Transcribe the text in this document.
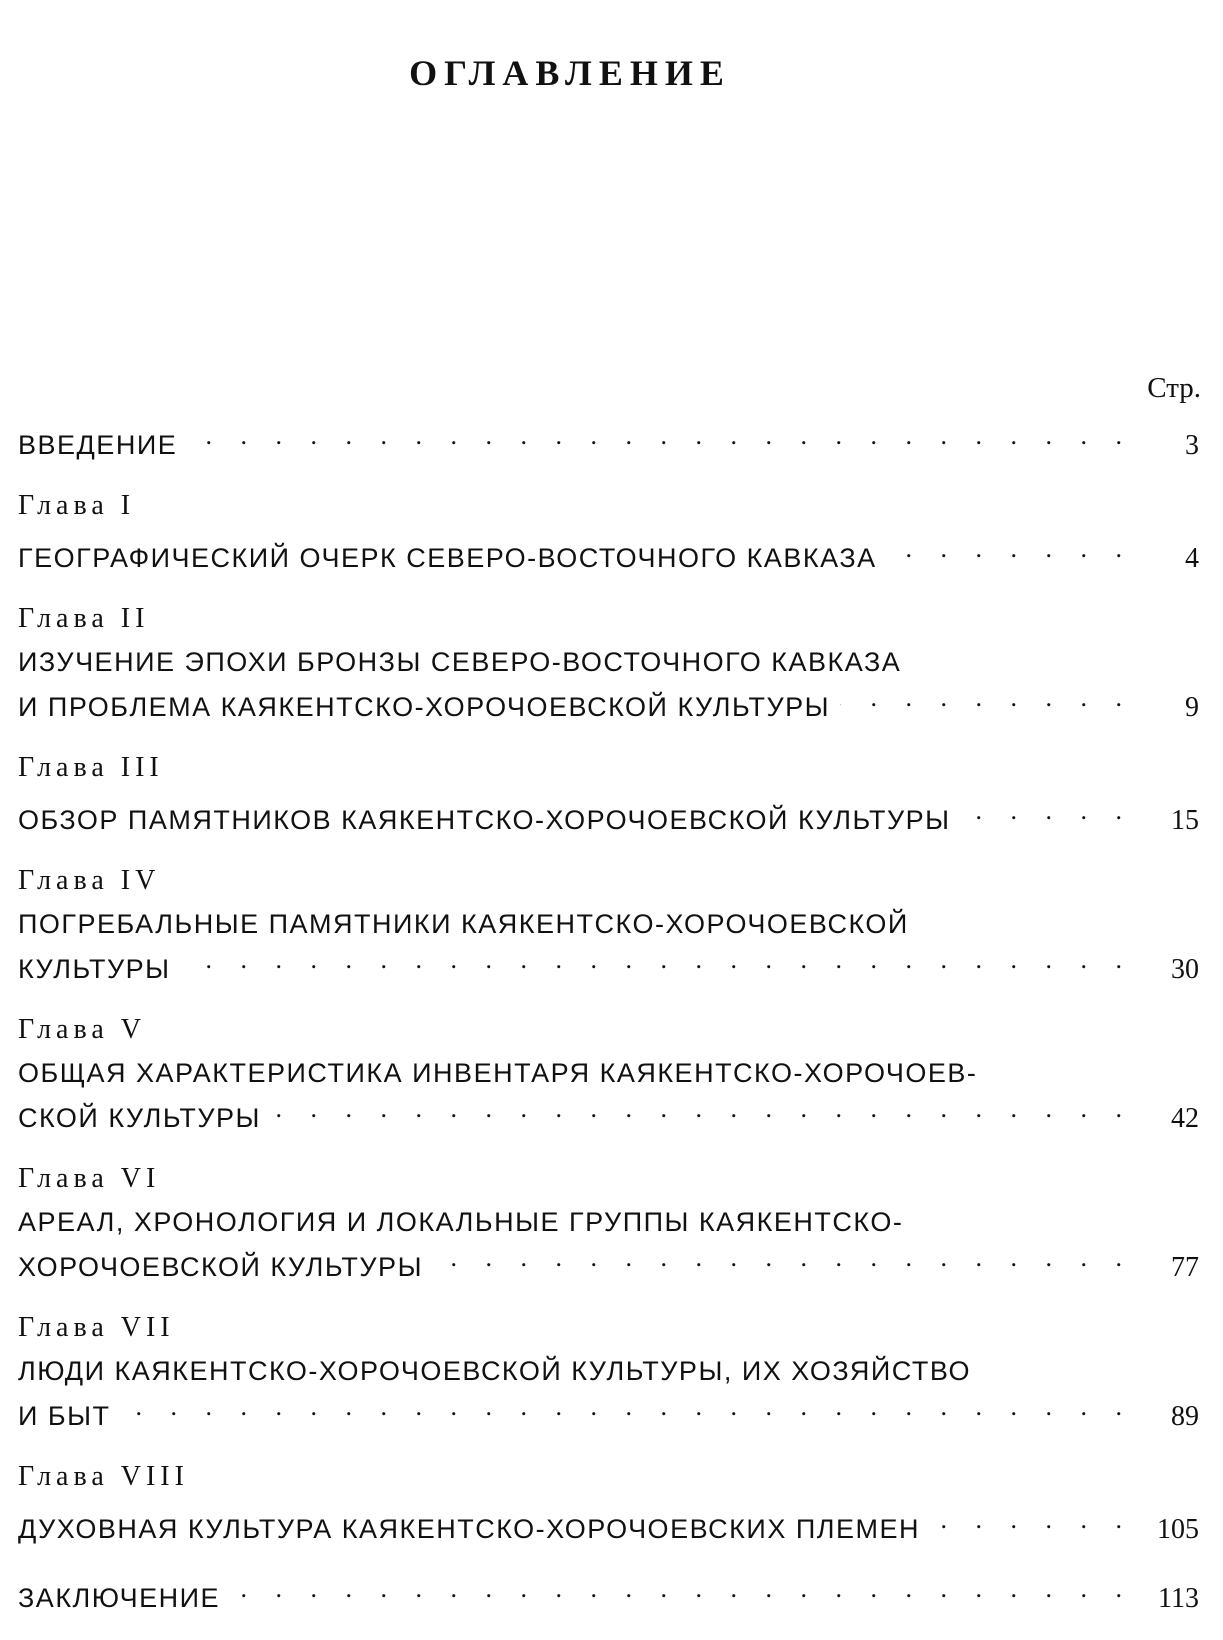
ОГЛАВЛЕНИЕ
Стр.
ВВЕДЕНИЕ . . .	3
Глава I
ГЕОГРАФИЧЕСКИЙ ОЧЕРК СЕВЕРО-ВОСТОЧНОГО КАВКАЗА . . .	4
Глава II
ИЗУЧЕНИЕ ЭПОХИ БРОНЗЫ СЕВЕРО-ВОСТОЧНОГО КАВКАЗА
И ПРОБЛЕМА КАЯКЕНТСКО-ХОРОЧОЕВСКОЙ КУЛЬТУРЫ . . .	9
Глава III
ОБЗОР ПАМЯТНИКОВ КАЯКЕНТСКО-ХОРОЧОЕВСКОЙ КУЛЬТУРЫ . . .	15
Глава IV
ПОГРЕБАЛЬНЫЕ ПАМЯТНИКИ КАЯКЕНТСКО-ХОРОЧОЕВСКОЙ
КУЛЬТУРЫ . . .	30
Глава V
ОБЩАЯ ХАРАКТЕРИСТИКА ИНВЕНТАРЯ КАЯКЕНТСКО-ХОРОЧОЕВ-
СКОЙ КУЛЬТУРЫ . . .	42
Глава VI
АРЕАЛ, ХРОНОЛОГИЯ И ЛОКАЛЬНЫЕ ГРУППЫ КАЯКЕНТСКО-
ХОРОЧОЕВСКОЙ КУЛЬТУРЫ . . .	77
Глава VII
ЛЮДИ КАЯКЕНТСКО-ХОРОЧОЕВСКОЙ КУЛЬТУРЫ, ИХ ХОЗЯЙСТВО
И БЫТ . . .	89
Глава VIII
ДУХОВНАЯ КУЛЬТУРА КАЯКЕНТСКО-ХОРОЧОЕВСКИХ ПЛЕМЕН . . .	105
ЗАКЛЮЧЕНИЕ . . .	113
